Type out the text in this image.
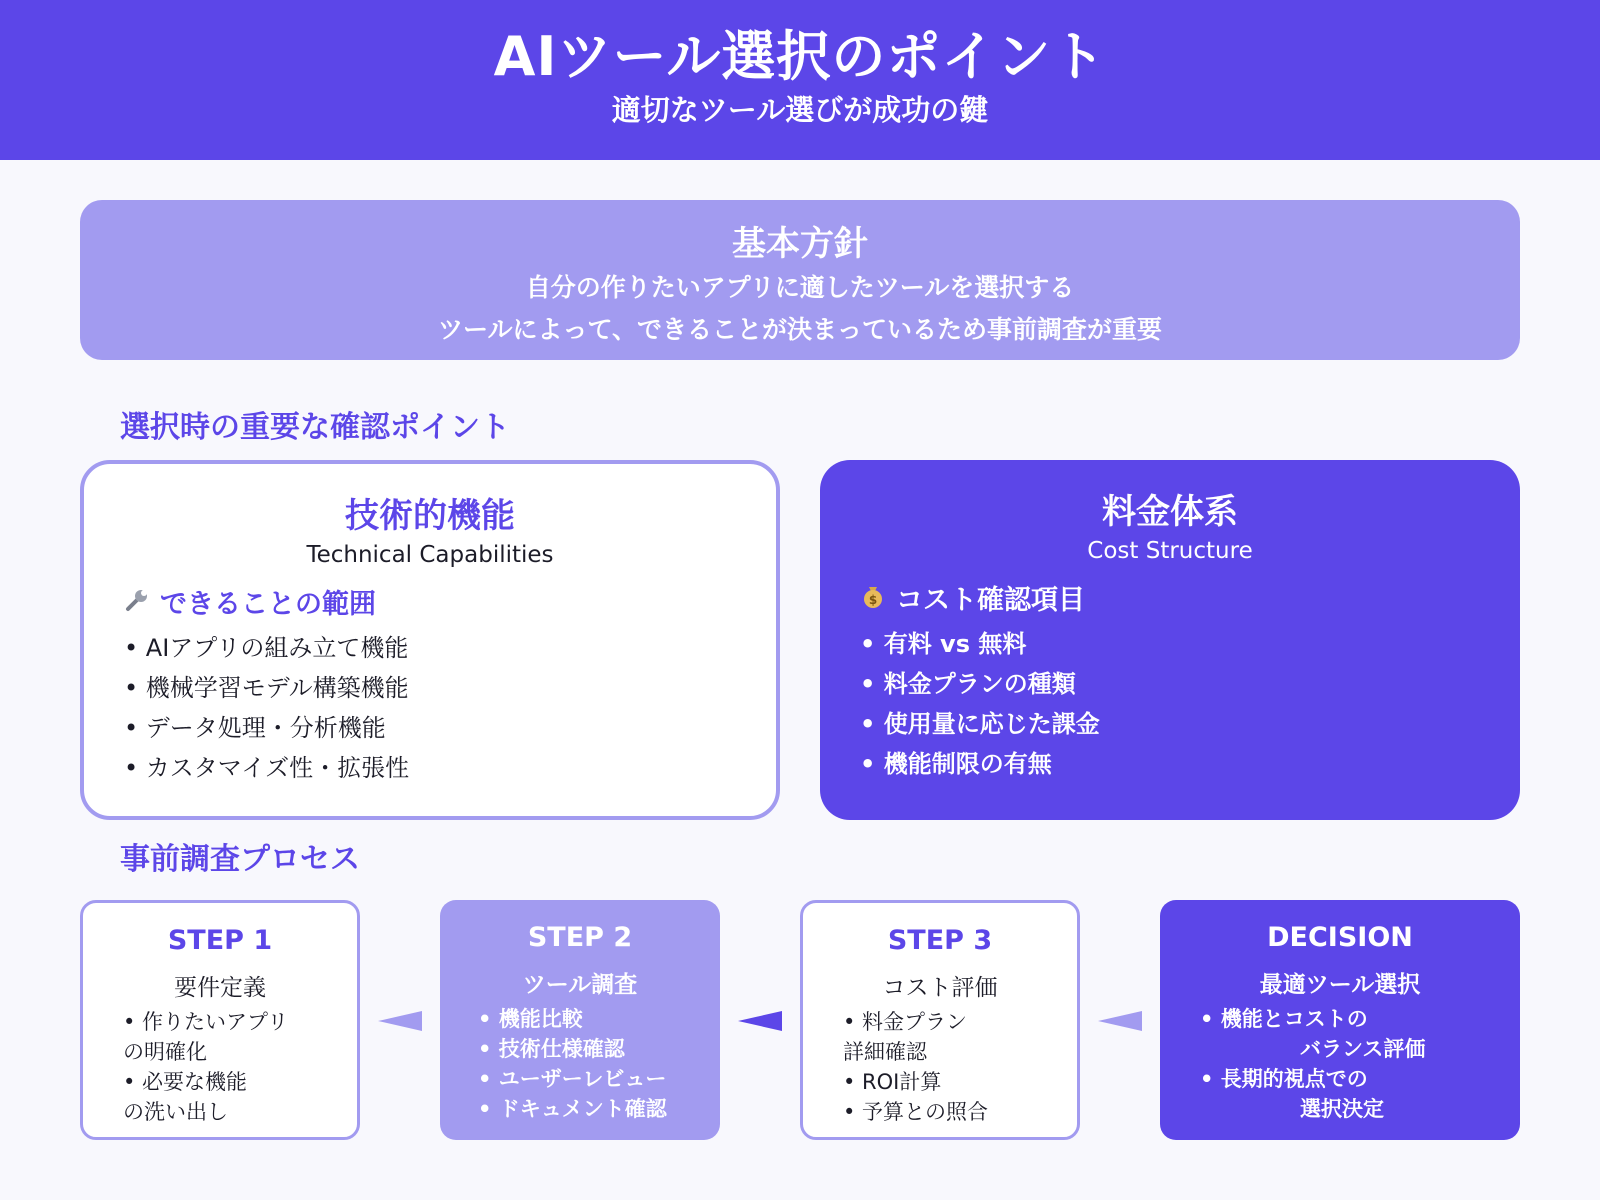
AIツール選択のポイント
適切なツール選びが成功の鍵
基本方針
自分の作りたいアプリに適したツールを選択する
ツールによって、できることが決まっているため事前調査が重要
選択時の重要な確認ポイント
技術的機能
Technical Capabilities
できることの範囲
• AIアプリの組み立て機能
• 機械学習モデル構築機能
• データ処理・分析機能
• カスタマイズ性・拡張性
料金体系
Cost Structure
$ コスト確認項目
• 有料 vs 無料
• 料金プランの種類
• 使用量に応じた課金
• 機能制限の有無
事前調査プロセス
STEP 1
要件定義
• 作りたいアプリ
の明確化
• 必要な機能
の洗い出し
STEP 2
ツール調査
• 機能比較
• 技術仕様確認
• ユーザーレビュー
• ドキュメント確認
STEP 3
コスト評価
• 料金プラン
詳細確認
• ROI計算
• 予算との照合
DECISION
最適ツール選択
• 機能とコストの
バランス評価
• 長期的視点での
選択決定
